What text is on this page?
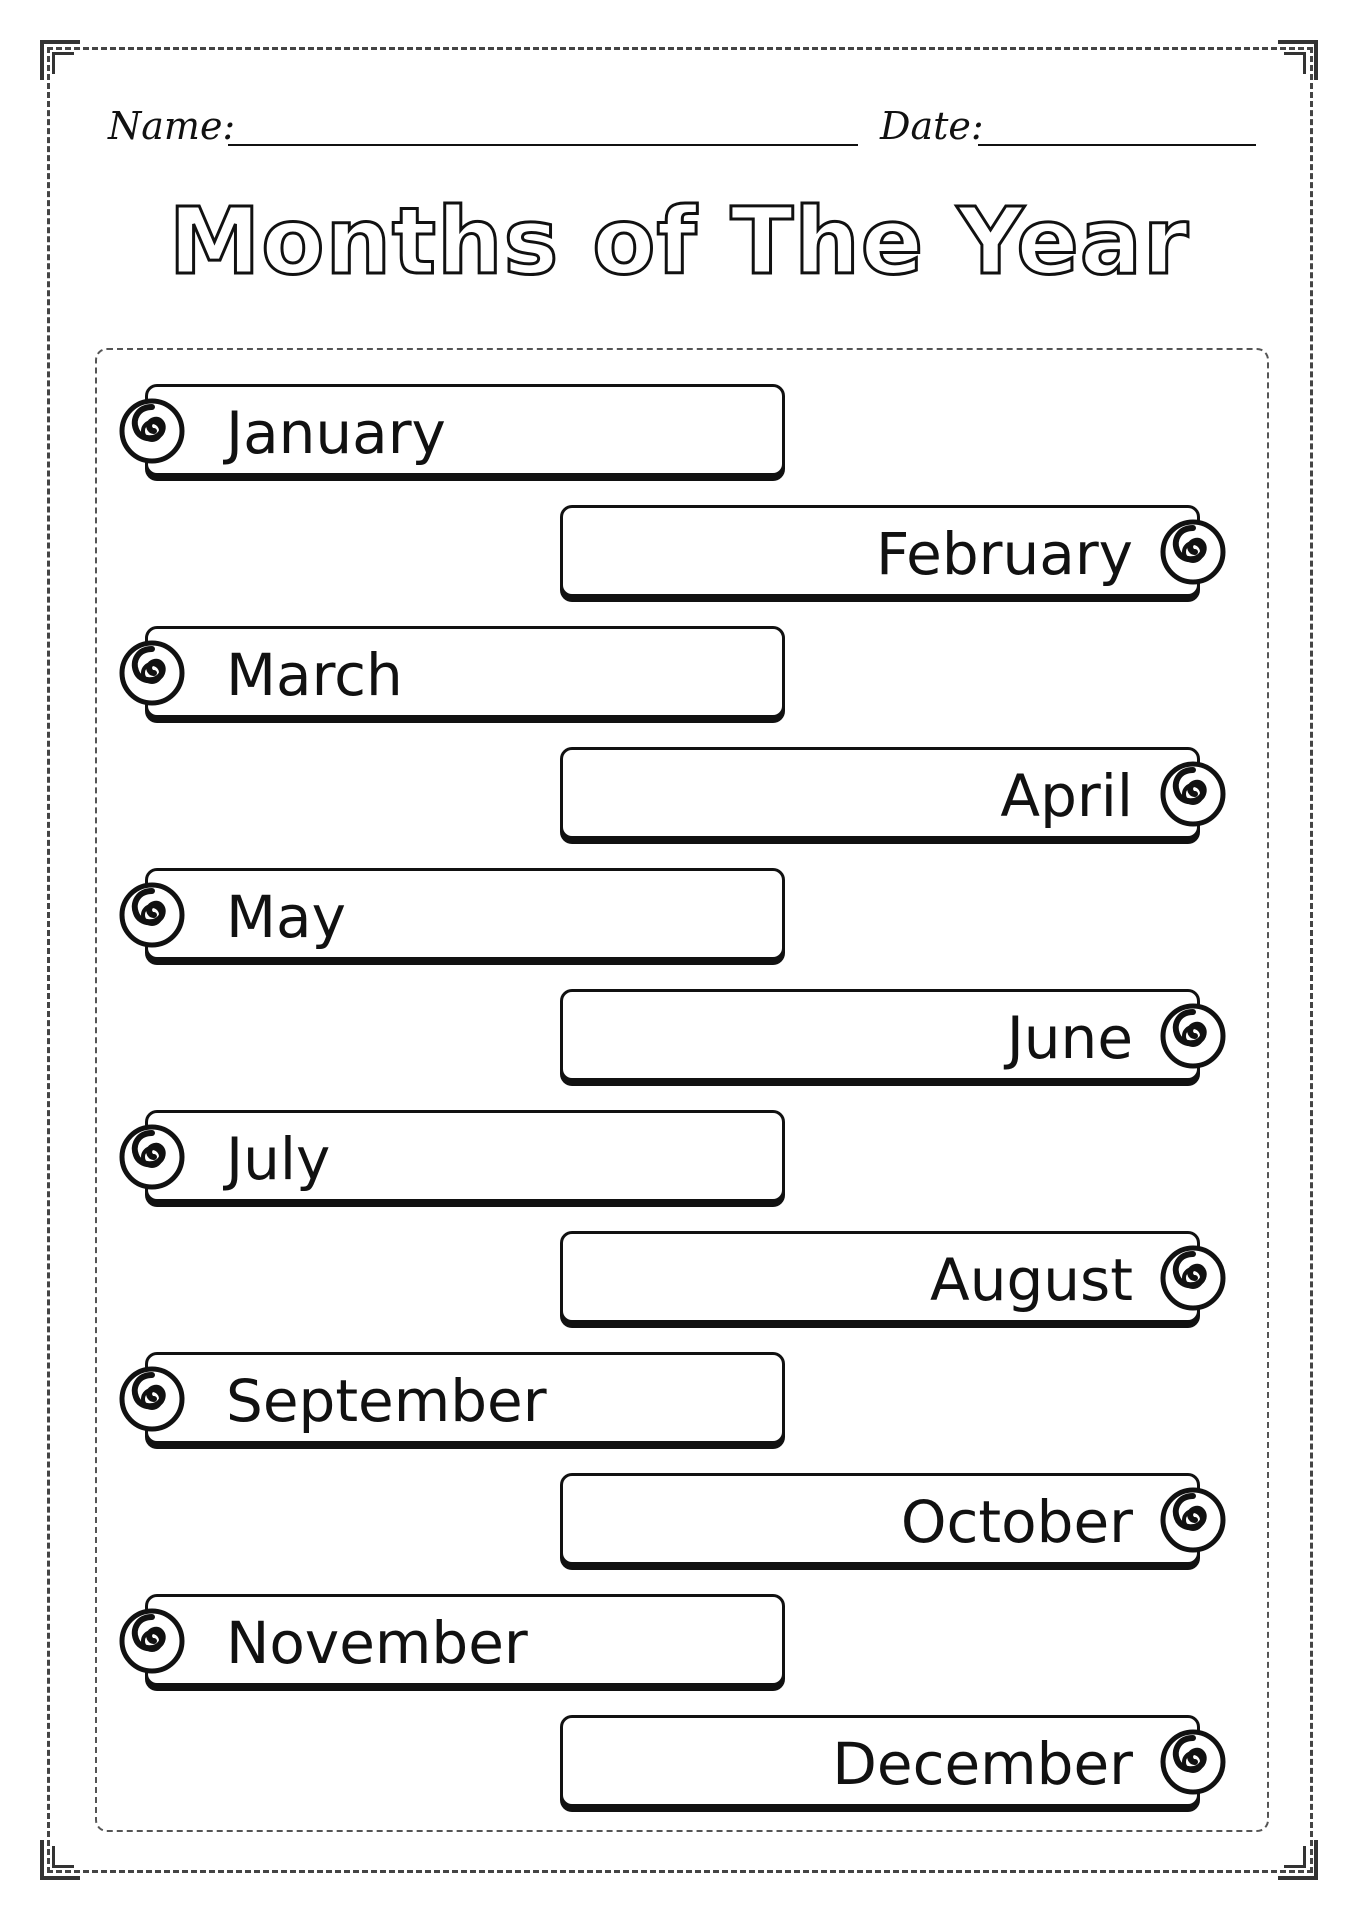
Name:	Date:
Months of The Year
January
February
March
April
May
June
July
August
September
October
November
December
